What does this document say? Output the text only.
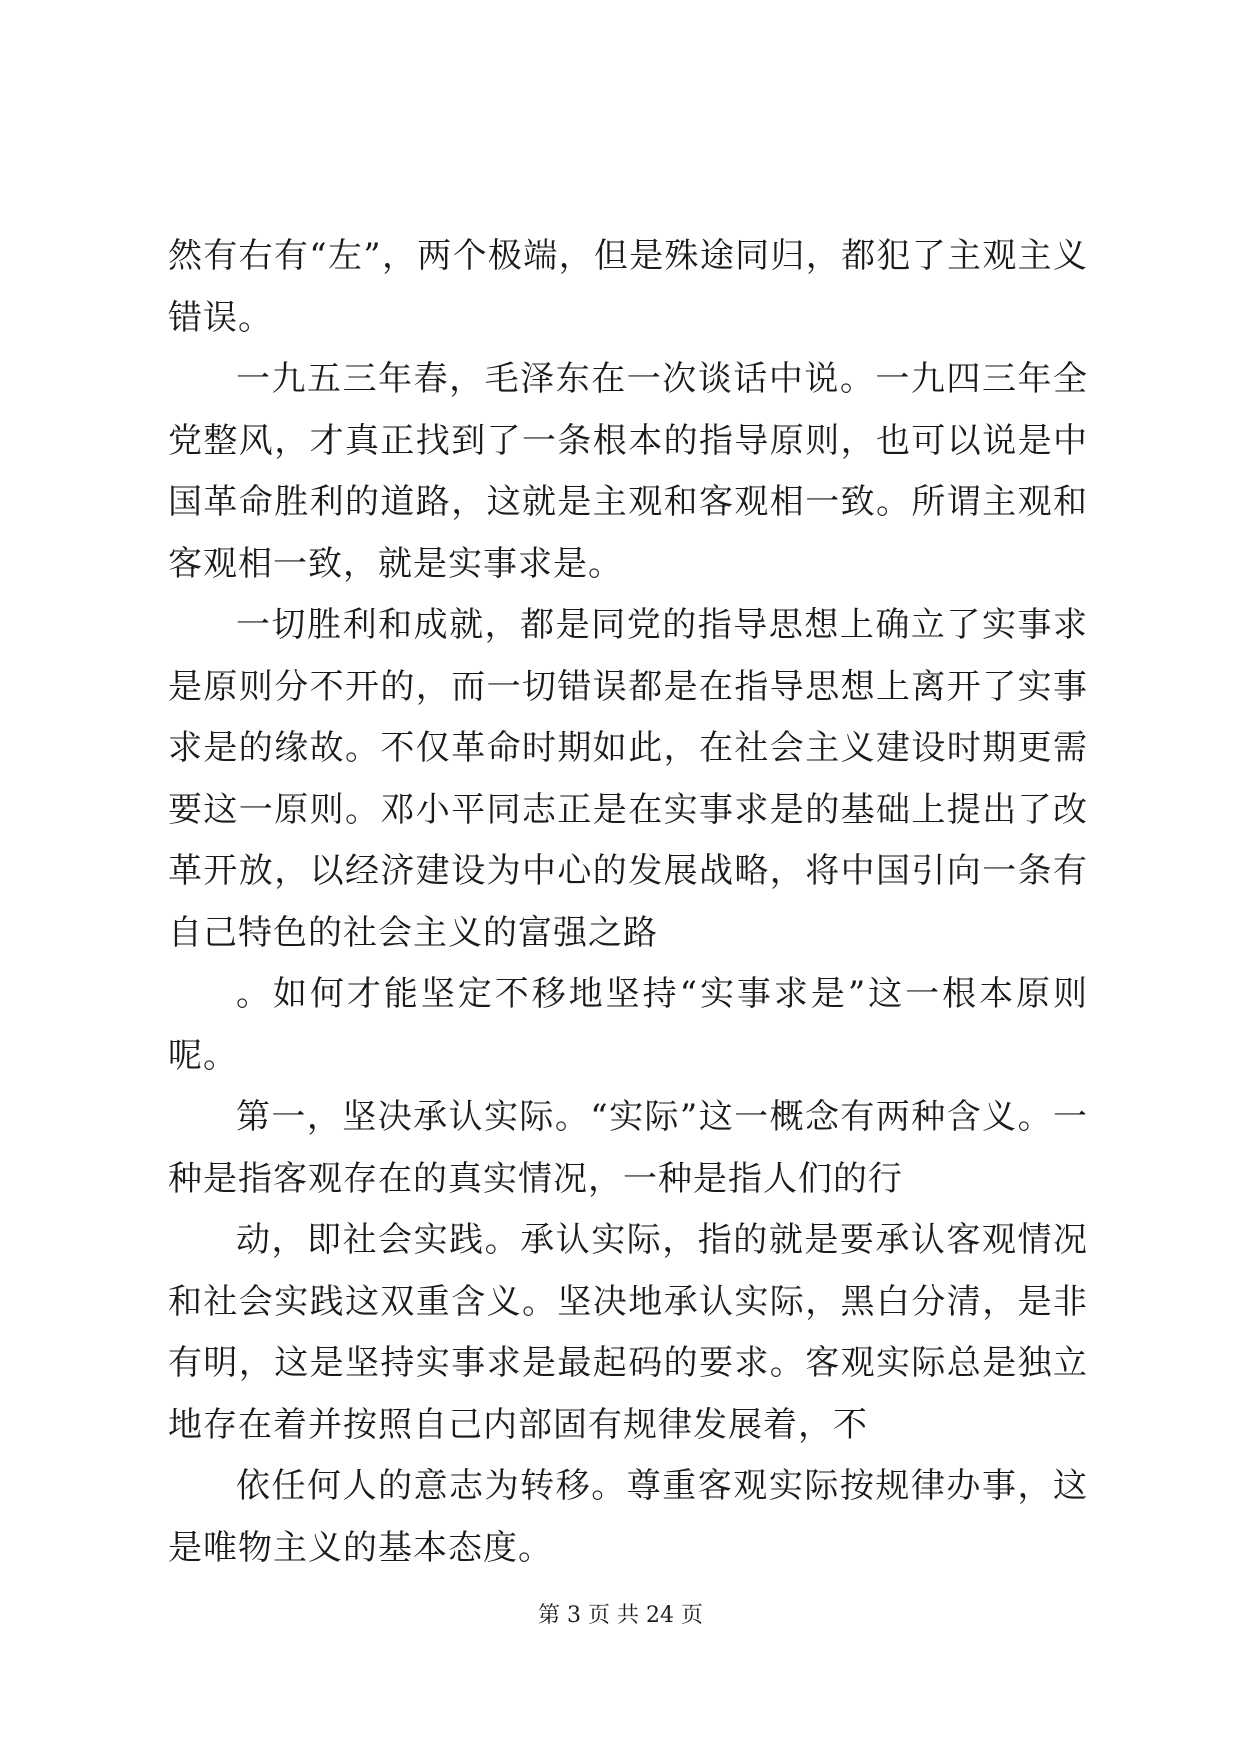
然有右有“左”，两个极端，但是殊途同归，都犯了主观主义错误。

一九五三年春，毛泽东在一次谈话中说。一九四三年全党整风，才真正找到了一条根本的指导原则，也可以说是中国革命胜利的道路，这就是主观和客观相一致。所谓主观和客观相一致，就是实事求是。

一切胜利和成就，都是同党的指导思想上确立了实事求是原则分不开的，而一切错误都是在指导思想上离开了实事求是的缘故。不仅革命时期如此，在社会主义建设时期更需要这一原则。邓小平同志正是在实事求是的基础上提出了改革开放，以经济建设为中心的发展战略，将中国引向一条有自己特色的社会主义的富强之路

。如何才能坚定不移地坚持“实事求是”这一根本原则呢。

第一，坚决承认实际。“实际”这一概念有两种含义。一种是指客观存在的真实情况，一种是指人们的行

动，即社会实践。承认实际，指的就是要承认客观情况和社会实践这双重含义。坚决地承认实际，黑白分清，是非有明，这是坚持实事求是最起码的要求。客观实际总是独立地存在着并按照自己内部固有规律发展着，不

依任何人的意志为转移。尊重客观实际按规律办事，这是唯物主义的基本态度。

第 3 页 共 24 页
